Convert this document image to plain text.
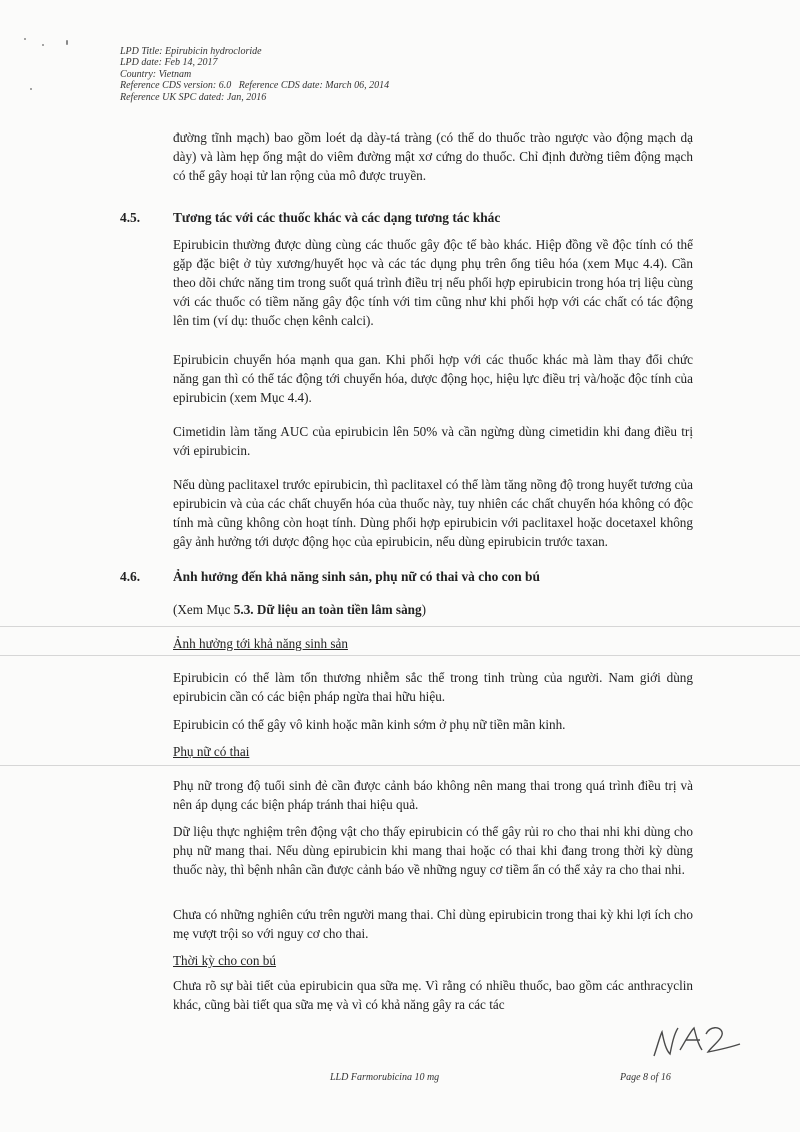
LPD Title: Epirubicin hydrocloride
LPD date: Feb 14, 2017
Country: Vietnam
Reference CDS version: 6.0   Reference CDS date: March 06, 2014
Reference UK SPC dated: Jan, 2016

đường tĩnh mạch) bao gồm loét dạ dày-tá tràng (có thể do thuốc trào ngược vào động mạch dạ dày) và làm hẹp ống mật do viêm đường mật xơ cứng do thuốc. Chỉ định đường tiêm động mạch có thể gây hoại tử lan rộng của mô được truyền.

4.5. Tương tác với các thuốc khác và các dạng tương tác khác

Epirubicin thường được dùng cùng các thuốc gây độc tế bào khác. Hiệp đồng về độc tính có thể gặp đặc biệt ở tủy xương/huyết học và các tác dụng phụ trên ống tiêu hóa (xem Mục 4.4). Cần theo dõi chức năng tim trong suốt quá trình điều trị nếu phối hợp epirubicin trong hóa trị liệu cùng với các thuốc có tiềm năng gây độc tính với tim cũng như khi phối hợp với các chất có tác động lên tim (ví dụ: thuốc chẹn kênh calci).

Epirubicin chuyển hóa mạnh qua gan. Khi phối hợp với các thuốc khác mà làm thay đổi chức năng gan thì có thể tác động tới chuyển hóa, dược động học, hiệu lực điều trị và/hoặc độc tính của epirubicin (xem Mục 4.4).

Cimetidin làm tăng AUC của epirubicin lên 50% và cần ngừng dùng cimetidin khi đang điều trị với epirubicin.

Nếu dùng paclitaxel trước epirubicin, thì paclitaxel có thể làm tăng nồng độ trong huyết tương của epirubicin và của các chất chuyển hóa của thuốc này, tuy nhiên các chất chuyển hóa không có độc tính mà cũng không còn hoạt tính. Dùng phối hợp epirubicin với paclitaxel hoặc docetaxel không gây ảnh hưởng tới dược động học của epirubicin, nếu dùng epirubicin trước taxan.

4.6. Ảnh hưởng đến khả năng sinh sản, phụ nữ có thai và cho con bú
(Xem Mục 5.3. Dữ liệu an toàn tiền lâm sàng)
Ảnh hưởng tới khả năng sinh sản

Epirubicin có thể làm tổn thương nhiễm sắc thể trong tinh trùng của người. Nam giới dùng epirubicin cần có các biện pháp ngừa thai hữu hiệu.

Epirubicin có thể gây vô kinh hoặc mãn kinh sớm ở phụ nữ tiền mãn kinh.

Phụ nữ có thai

Phụ nữ trong độ tuổi sinh đẻ cần được cảnh báo không nên mang thai trong quá trình điều trị và nên áp dụng các biện pháp tránh thai hiệu quả.

Dữ liệu thực nghiệm trên động vật cho thấy epirubicin có thể gây rủi ro cho thai nhi khi dùng cho phụ nữ mang thai. Nếu dùng epirubicin khi mang thai hoặc có thai khi đang trong thời kỳ dùng thuốc này, thì bệnh nhân cần được cảnh báo về những nguy cơ tiềm ẩn có thể xảy ra cho thai nhi.

Chưa có những nghiên cứu trên người mang thai. Chỉ dùng epirubicin trong thai kỳ khi lợi ích cho mẹ vượt trội so với nguy cơ cho thai.

Thời kỳ cho con bú

Chưa rõ sự bài tiết của epirubicin qua sữa mẹ. Vì rằng có nhiều thuốc, bao gồm các anthracyclin khác, cũng bài tiết qua sữa mẹ và vì có khả năng gây ra các tác

LLD Farmorubicina 10 mg	Page 8 of 16
